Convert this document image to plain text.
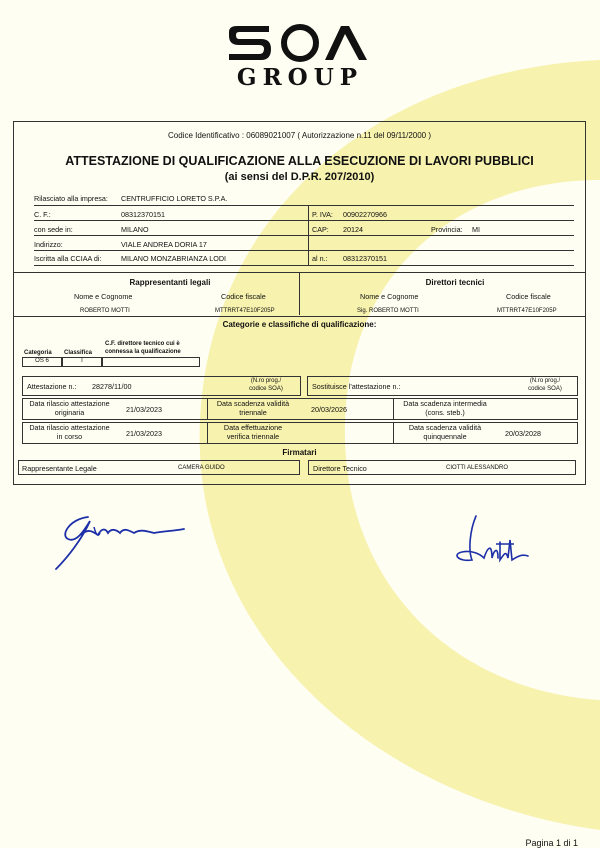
GROUP
Codice Identificativo : 06089021007 ( Autorizzazione n.11 del 09/11/2000 )
ATTESTAZIONE DI QUALIFICAZIONE ALLA ESECUZIONE DI LAVORI PUBBLICI
(ai sensi del D.P.R. 207/2010)
Rilasciato alla impresa: CENTRUFFICIO LORETO S.P.A.
C. F.:	08312370151	P. IVA: 00902270966
con sede in:	MILANO	CAP: 20124	Provincia: MI
Indirizzo:	VIALE ANDREA DORIA 17
Iscritta alla CCIAA di:	MILANO MONZABRIANZA LODI	al n.: 08312370151
Rappresentanti legali	Direttori tecnici
Nome e Cognome	Codice fiscale	Nome e Cognome	Codice fiscale
ROBERTO MOTTI	MTTRRT47E10F205P	Sig. ROBERTO MOTTI	MTTRRT47E10F205P
Categorie e classifiche di qualificazione:
Categoria Classifica
C.F. direttore tecnico cui è
connessa la qualificazione
OS 6	I
Attestazione n.: 28278/11/00
(N.ro prog./
codice SOA)	Sostituisce l'attestazione n.:
(N.ro prog./
codice SOA)
Data rilascio attestazione
originaria	21/03/2023
Data scadenza validità
triennale	20/03/2026
Data scadenza intermedia
(cons. steb.)
Data rilascio attestazione
in corso	21/03/2023
Data effettuazione
verifica triennale
Data scadenza validità
quinquennale	20/03/2028
Firmatari
Rappresentante Legale	CAMERA GUIDO	Direttore Tecnico	CIOTTI ALESSANDRO
Pagina 1 di 1
